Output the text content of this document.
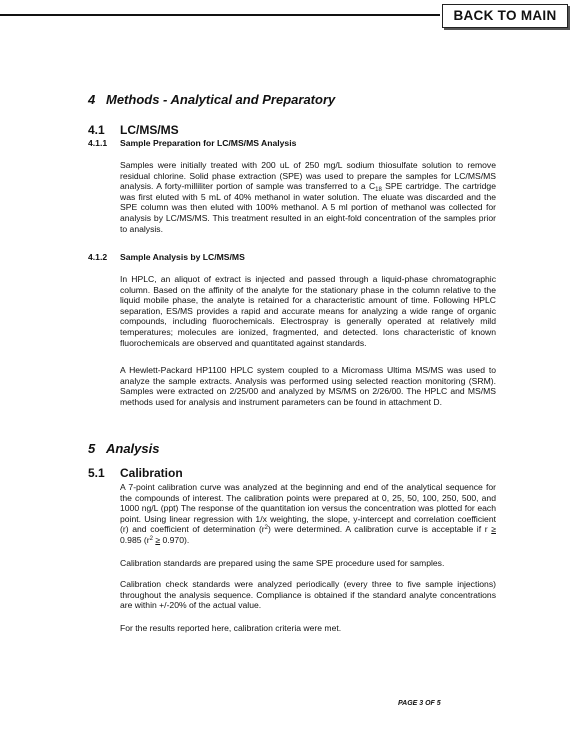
BACK TO MAIN
4 Methods - Analytical and Preparatory
4.1 LC/MS/MS
4.1.1 Sample Preparation for LC/MS/MS Analysis

Samples were initially treated with 200 uL of 250 mg/L sodium thiosulfate solution to remove residual chlorine. Solid phase extraction (SPE) was used to prepare the samples for LC/MS/MS analysis. A forty-milliliter portion of sample was transferred to a $C_{18}$ SPE cartridge. The cartridge was first eluted with 5 mL of 40% methanol in water solution. The eluate was discarded and the SPE column was then eluted with 100% methanol. A 5 ml portion of methanol was collected for analysis by LC/MS/MS. This treatment resulted in an eight-fold concentration of the samples prior to analysis.

4.1.2 Sample Analysis by LC/MS/MS

In HPLC, an aliquot of extract is injected and passed through a liquid-phase chromatographic column. Based on the affinity of the analyte for the stationary phase in the column relative to the liquid mobile phase, the analyte is retained for a characteristic amount of time. Following HPLC separation, ES/MS provides a rapid and accurate means for analyzing a wide range of organic compounds, including fluorochemicals. Electrospray is generally operated at relatively mild temperatures; molecules are ionized, fragmented, and detected. Ions characteristic of known fluorochemicals are observed and quantitated against standards.

A Hewlett-Packard HP1100 HPLC system coupled to a Micromass Ultima MS/MS was used to analyze the sample extracts. Analysis was performed using selected reaction monitoring (SRM). Samples were extracted on 2/25/00 and analyzed by MS/MS on 2/26/00. The HPLC and MS/MS methods used for analysis and instrument parameters can be found in attachment D.

5 Analysis
5.1 Calibration

A 7-point calibration curve was analyzed at the beginning and end of the analytical sequence for the compounds of interest. The calibration points were prepared at 0, 25, 50, 100, 250, 500, and 1000 ng/L (ppt) The response of the quantitation ion versus the concentration was plotted for each point. Using linear regression with 1/x weighting, the slope, y-intercept and correlation coefficient (r) and coefficient of determination $(r^2)$ were determined. A calibration curve is acceptable if r ≥ 0.985 $(r^2 \ge 0.970)$.

Calibration standards are prepared using the same SPE procedure used for samples.

Calibration check standards were analyzed periodically (every three to five sample injections) throughout the analysis sequence. Compliance is obtained if the standard analyte concentrations are within +/-20% of the actual value.

For the results reported here, calibration criteria were met.

PAGE 3 OF 5
